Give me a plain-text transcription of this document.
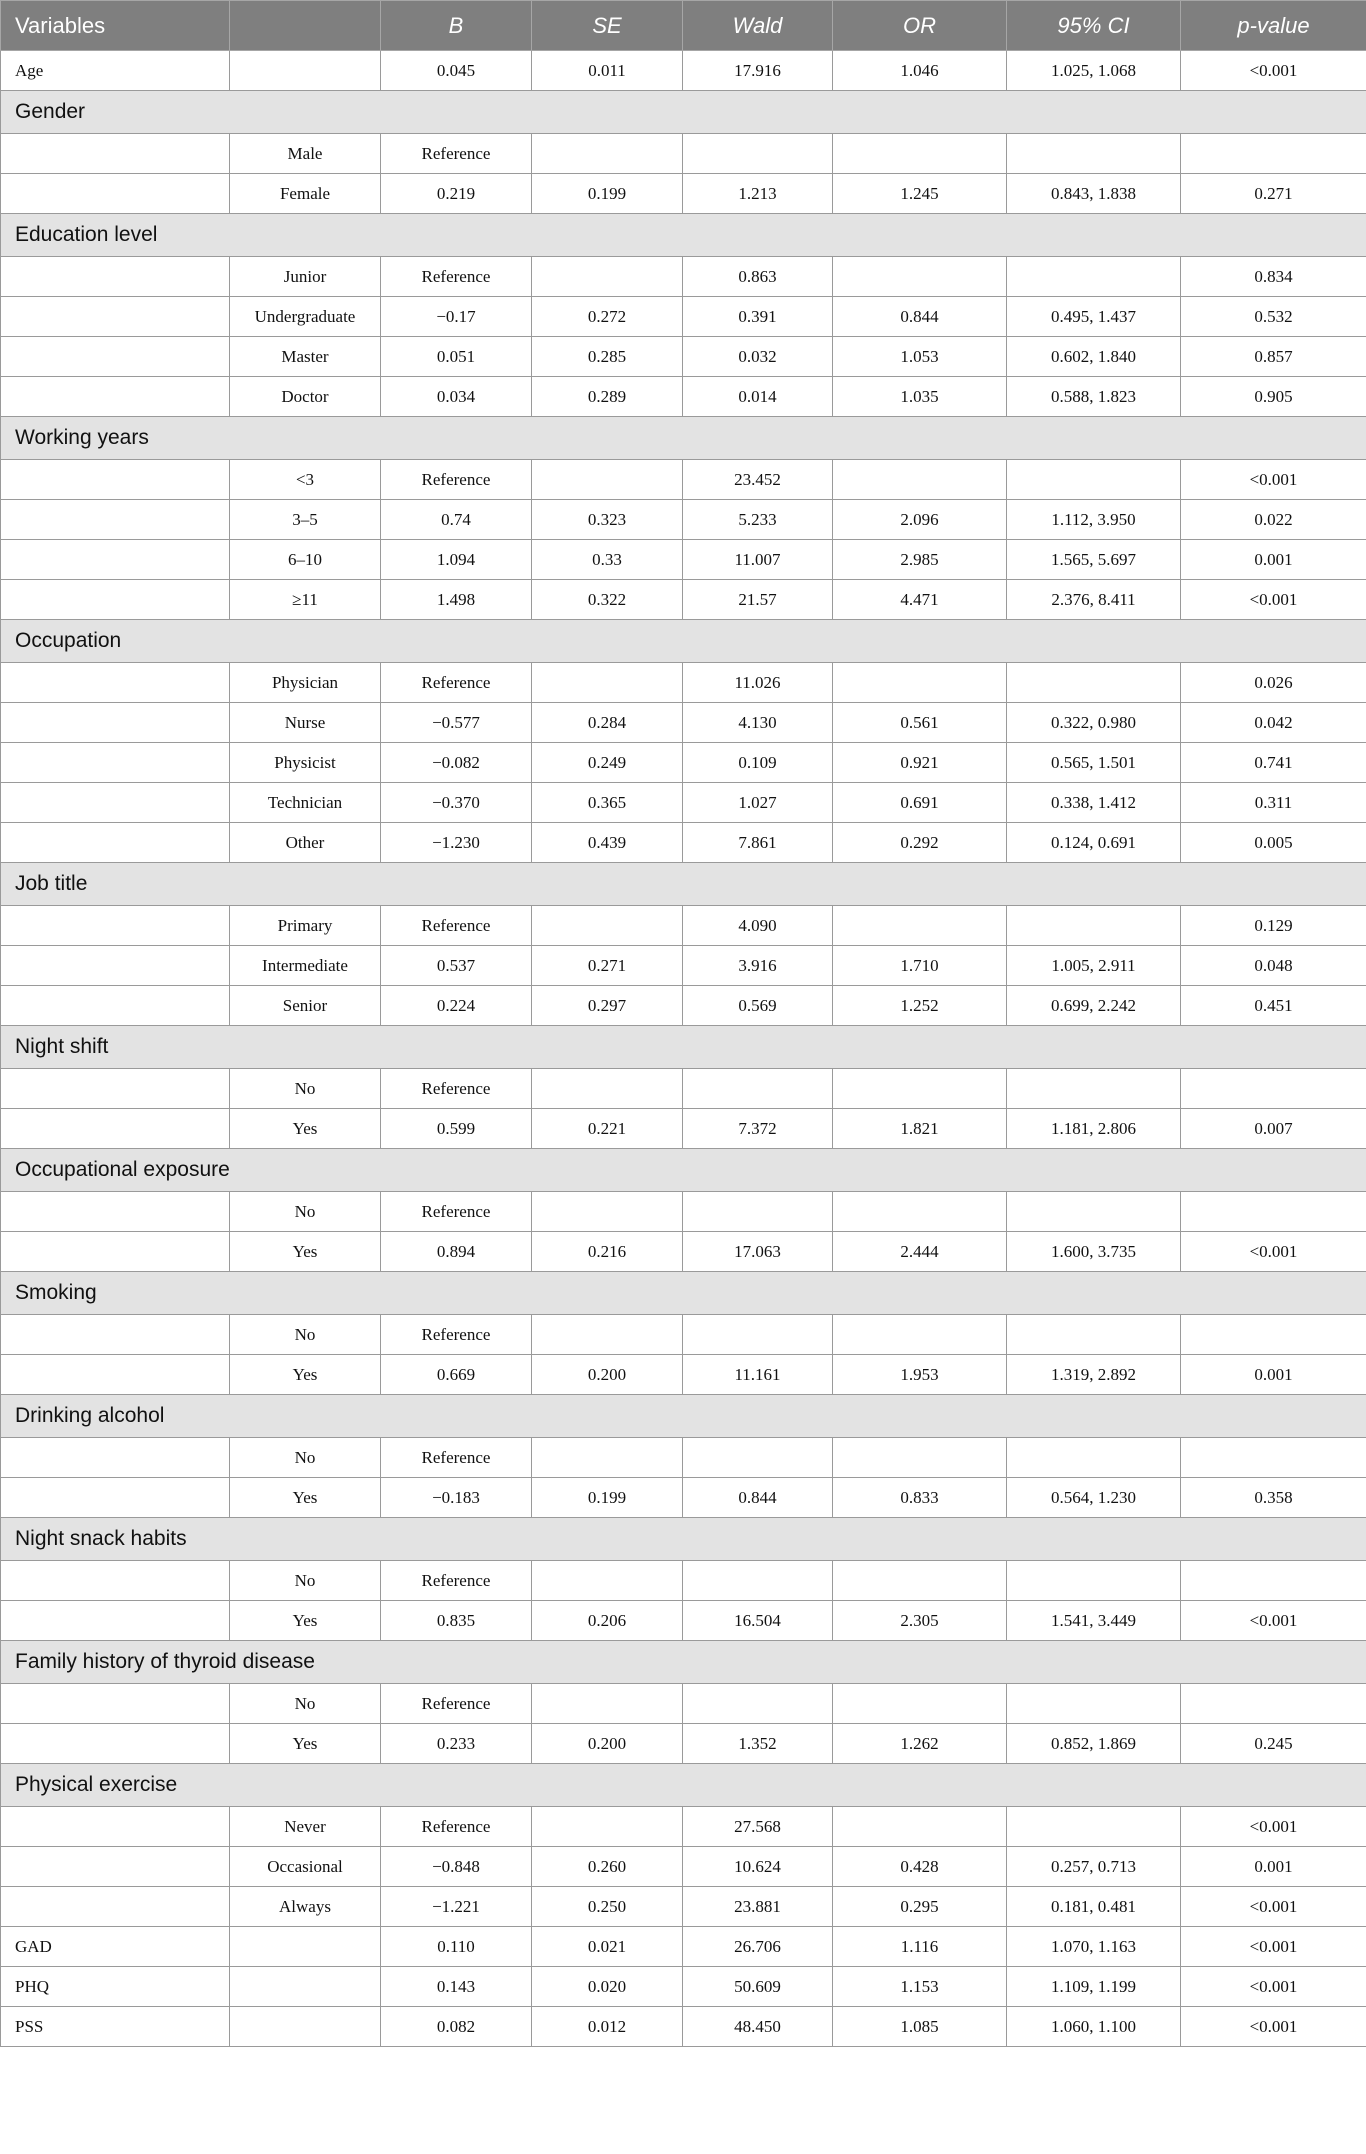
Variables		B	SE	Wald	OR	95% CI	p-value
Age		0.045	0.011	17.916	1.046	1.025, 1.068	<0.001
Gender							
	Male	Reference					
	Female	0.219	0.199	1.213	1.245	0.843, 1.838	0.271
Education level							
	Junior	Reference		0.863			0.834
	Undergraduate	−0.17	0.272	0.391	0.844	0.495, 1.437	0.532
	Master	0.051	0.285	0.032	1.053	0.602, 1.840	0.857
	Doctor	0.034	0.289	0.014	1.035	0.588, 1.823	0.905
Working years							
	<3	Reference		23.452			<0.001
	3–5	0.74	0.323	5.233	2.096	1.112, 3.950	0.022
	6–10	1.094	0.33	11.007	2.985	1.565, 5.697	0.001
	≥11	1.498	0.322	21.57	4.471	2.376, 8.411	<0.001
Occupation							
	Physician	Reference		11.026			0.026
	Nurse	−0.577	0.284	4.130	0.561	0.322, 0.980	0.042
	Physicist	−0.082	0.249	0.109	0.921	0.565, 1.501	0.741
	Technician	−0.370	0.365	1.027	0.691	0.338, 1.412	0.311
	Other	−1.230	0.439	7.861	0.292	0.124, 0.691	0.005
Job title							
	Primary	Reference		4.090			0.129
	Intermediate	0.537	0.271	3.916	1.710	1.005, 2.911	0.048
	Senior	0.224	0.297	0.569	1.252	0.699, 2.242	0.451
Night shift							
	No	Reference					
	Yes	0.599	0.221	7.372	1.821	1.181, 2.806	0.007
Occupational exposure							
	No	Reference					
	Yes	0.894	0.216	17.063	2.444	1.600, 3.735	<0.001
Smoking							
	No	Reference					
	Yes	0.669	0.200	11.161	1.953	1.319, 2.892	0.001
Drinking alcohol							
	No	Reference					
	Yes	−0.183	0.199	0.844	0.833	0.564, 1.230	0.358
Night snack habits							
	No	Reference					
	Yes	0.835	0.206	16.504	2.305	1.541, 3.449	<0.001
Family history of thyroid disease							
	No	Reference					
	Yes	0.233	0.200	1.352	1.262	0.852, 1.869	0.245
Physical exercise							
	Never	Reference		27.568			<0.001
	Occasional	−0.848	0.260	10.624	0.428	0.257, 0.713	0.001
	Always	−1.221	0.250	23.881	0.295	0.181, 0.481	<0.001
GAD		0.110	0.021	26.706	1.116	1.070, 1.163	<0.001
PHQ		0.143	0.020	50.609	1.153	1.109, 1.199	<0.001
PSS		0.082	0.012	48.450	1.085	1.060, 1.100	<0.001
